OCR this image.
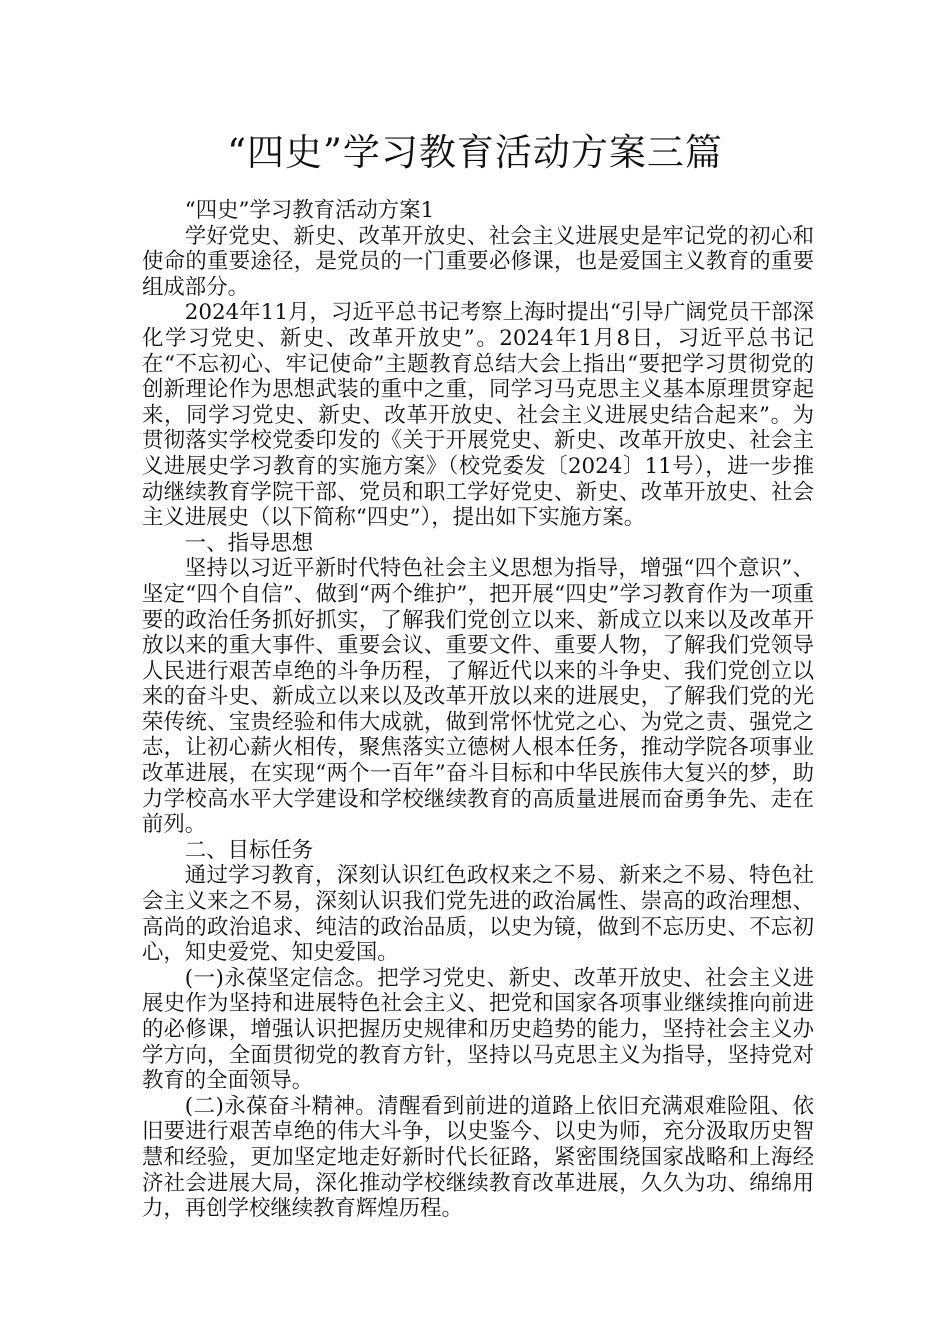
“四史”学习教育活动方案三篇

“四史”学习教育活动方案1

学好党史、新史、改革开放史、社会主义进展史是牢记党的初心和使命的重要途径，是党员的一门重要必修课，也是爱国主义教育的重要组成部分。

2024年11月，习近平总书记考察上海时提出“引导广阔党员干部深化学习党史、新史、改革开放史”。2024年1月8日，习近平总书记在“不忘初心、牢记使命”主题教育总结大会上指出“要把学习贯彻党的创新理论作为思想武装的重中之重，同学习马克思主义基本原理贯穿起来，同学习党史、新史、改革开放史、社会主义进展史结合起来”。为贯彻落实学校党委印发的《关于开展党史、新史、改革开放史、社会主义进展史学习教育的实施方案》（校党委发〔2024〕11号），进一步推动继续教育学院干部、党员和职工学好党史、新史、改革开放史、社会主义进展史（以下简称“四史”），提出如下实施方案。

一、指导思想

坚持以习近平新时代特色社会主义思想为指导，增强“四个意识”、坚定“四个自信”、做到“两个维护”，把开展“四史”学习教育作为一项重要的政治任务抓好抓实，了解我们党创立以来、新成立以来以及改革开放以来的重大事件、重要会议、重要文件、重要人物，了解我们党领导人民进行艰苦卓绝的斗争历程，了解近代以来的斗争史、我们党创立以来的奋斗史、新成立以来以及改革开放以来的进展史，了解我们党的光荣传统、宝贵经验和伟大成就，做到常怀忧党之心、为党之责、强党之志，让初心薪火相传，聚焦落实立德树人根本任务，推动学院各项事业改革进展，在实现“两个一百年”奋斗目标和中华民族伟大复兴的梦，助力学校高水平大学建设和学校继续教育的高质量进展而奋勇争先、走在前列。

二、目标任务

通过学习教育，深刻认识红色政权来之不易、新来之不易、特色社会主义来之不易，深刻认识我们党先进的政治属性、崇高的政治理想、高尚的政治追求、纯洁的政治品质，以史为镜，做到不忘历史、不忘初心，知史爱党、知史爱国。

(一)永葆坚定信念。把学习党史、新史、改革开放史、社会主义进展史作为坚持和进展特色社会主义、把党和国家各项事业继续推向前进的必修课，增强认识把握历史规律和历史趋势的能力，坚持社会主义办学方向，全面贯彻党的教育方针，坚持以马克思主义为指导，坚持党对教育的全面领导。

(二)永葆奋斗精神。清醒看到前进的道路上依旧充满艰难险阻、依旧要进行艰苦卓绝的伟大斗争，以史鉴今、以史为师，充分汲取历史智慧和经验，更加坚定地走好新时代长征路，紧密围绕国家战略和上海经济社会进展大局，深化推动学校继续教育改革进展，久久为功、绵绵用力，再创学校继续教育辉煌历程。
